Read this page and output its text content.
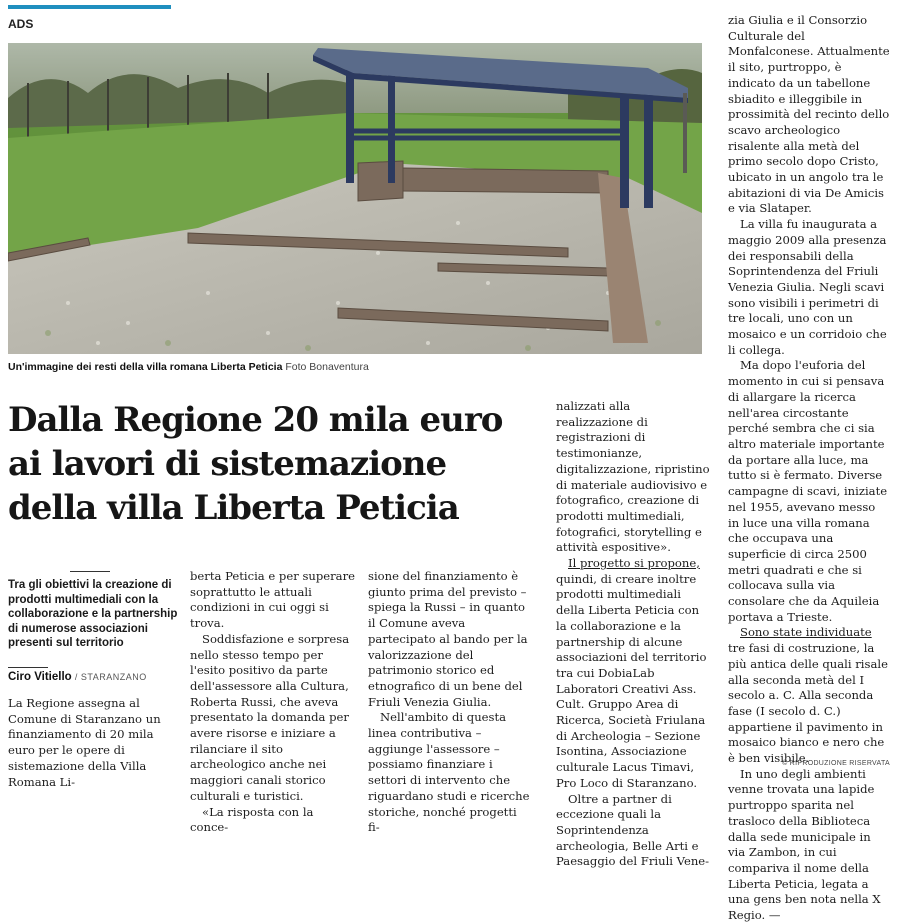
ADS
Un'immagine dei resti della villa romana Liberta Peticia Foto Bonaventura
Dalla Regione 20 mila euro
ai lavori di sistemazione
della villa Liberta Peticia
Tra gli obiettivi la creazione di prodotti multimediali con la collaborazione e la partnership di numerose associazioni presenti sul territorio
Ciro Vitiello / STARANZANO

La Regione assegna al Comune di Staranzano un finanziamento di 20 mila euro per le opere di sistemazione della Villa Romana Li-

berta Peticia e per superare soprattutto le attuali condizioni in cui oggi si trova.

Soddisfazione e sorpresa nello stesso tempo per l'esito positivo da parte dell'assessore alla Cultura, Roberta Russi, che aveva presentato la domanda per avere risorse e iniziare a rilanciare il sito archeologico anche nei maggiori canali storico culturali e turistici.

«La risposta con la conce-

sione del finanziamento è giunto prima del previsto – spiega la Russi – in quanto il Comune aveva partecipato al bando per la valorizzazione del patrimonio storico ed etnografico di un bene del Friuli Venezia Giulia.

Nell'ambito di questa linea contributiva – aggiunge l'assessore – possiamo finanziare i settori di intervento che riguardano studi e ricerche storiche, nonché progetti fi-

nalizzati alla realizzazione di registrazioni di testimonianze, digitalizzazione, ripristino di materiale audiovisivo e fotografico, creazione di prodotti multimediali, fotografici, storytelling e attività espositive».

Il progetto si propone, quindi, di creare inoltre prodotti multimediali della Liberta Peticia con la collaborazione e la partnership di alcune associazioni del territorio tra cui DobiaLab Laboratori Creativi Ass. Cult. Gruppo Area di Ricerca, Società Friulana di Archeologia – Sezione Isontina, Associazione culturale Lacus Timavi, Pro Loco di Staranzano.

Oltre a partner di eccezione quali la Soprintendenza archeologia, Belle Arti e Paesaggio del Friuli Vene-

zia Giulia e il Consorzio Culturale del Monfalconese. Attualmente il sito, purtroppo, è indicato da un tabellone sbiadito e illeggibile in prossimità del recinto dello scavo archeologico risalente alla metà del primo secolo dopo Cristo, ubicato in un angolo tra le abitazioni di via De Amicis e via Slataper.

La villa fu inaugurata a maggio 2009 alla presenza dei responsabili della Soprintendenza del Friuli Venezia Giulia. Negli scavi sono visibili i perimetri di tre locali, uno con un mosaico e un corridoio che li collega.

Ma dopo l'euforia del momento in cui si pensava di allargare la ricerca nell'area circostante perché sembra che ci sia altro materiale importante da portare alla luce, ma tutto si è fermato. Diverse campagne di scavi, iniziate nel 1955, avevano messo in luce una villa romana che occupava una superficie di circa 2500 metri quadrati e che si collocava sulla via consolare che da Aquileia portava a Trieste.

Sono state individuate tre fasi di costruzione, la più antica delle quali risale alla seconda metà del I secolo a. C. Alla seconda fase (I secolo d. C.) appartiene il pavimento in mosaico bianco e nero che è ben visibile.

In uno degli ambienti venne trovata una lapide purtroppo sparita nel trasloco della Biblioteca dalla sede municipale in via Zambon, in cui compariva il nome della Liberta Peticia, legata a una gens ben nota nella X Regio. —

© RIPRODUZIONE RISERVATA
